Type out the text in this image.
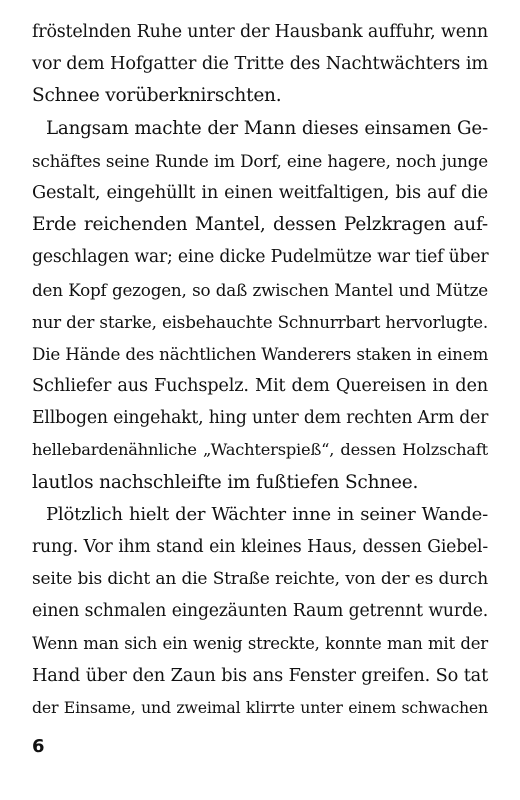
fröstelnden Ruhe unter der Hausbank auffuhr, wenn
vor dem Hofgatter die Tritte des Nachtwächters im
Schnee vorüberknirschten.
Langsam machte der Mann dieses einsamen Ge-
schäftes seine Runde im Dorf, eine hagere, noch junge
Gestalt, eingehüllt in einen weitfaltigen, bis auf die
Erde reichenden Mantel, dessen Pelzkragen auf-
geschlagen war; eine dicke Pudelmütze war tief über
den Kopf gezogen, so daß zwischen Mantel und Mütze
nur der starke, eisbehauchte Schnurrbart hervorlugte.
Die Hände des nächtlichen Wanderers staken in einem
Schliefer aus Fuchspelz. Mit dem Quereisen in den
Ellbogen eingehakt, hing unter dem rechten Arm der
hellebardenähnliche „Wachterspieß“, dessen Holzschaft
lautlos nachschleifte im fußtiefen Schnee.
Plötzlich hielt der Wächter inne in seiner Wande-
rung. Vor ihm stand ein kleines Haus, dessen Giebel-
seite bis dicht an die Straße reichte, von der es durch
einen schmalen eingezäunten Raum getrennt wurde.
Wenn man sich ein wenig streckte, konnte man mit der
Hand über den Zaun bis ans Fenster greifen. So tat
der Einsame, und zweimal klirrte unter einem schwachen
6
